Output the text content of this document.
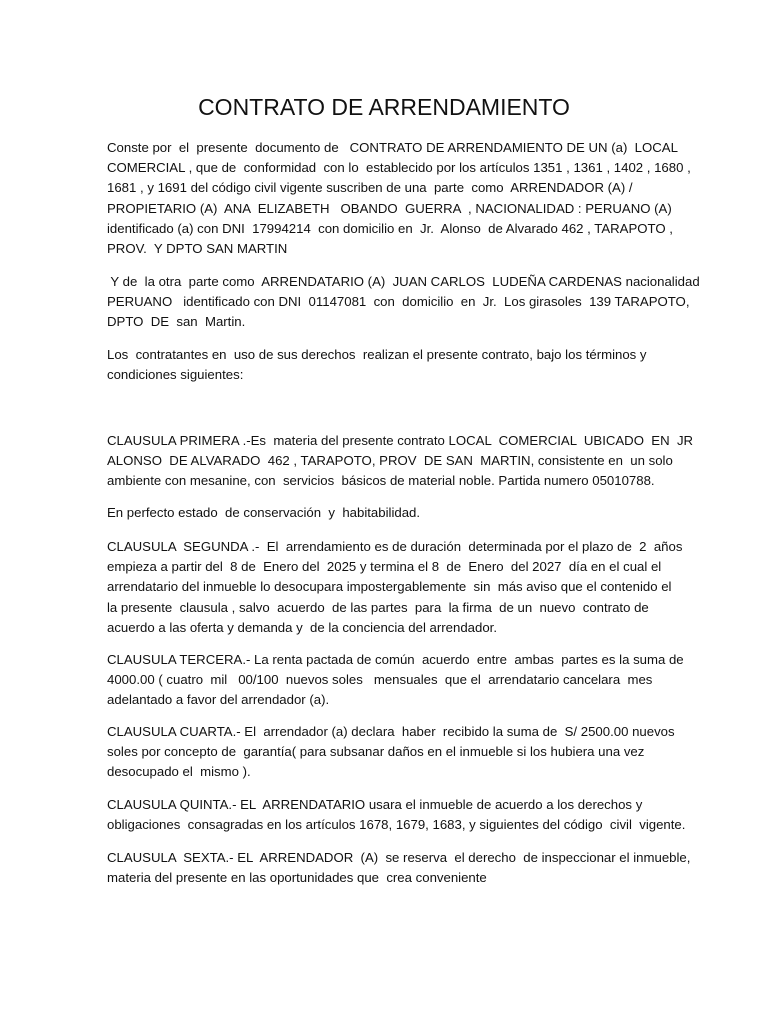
CONTRATO DE ARRENDAMIENTO

Conste por  el  presente  documento de   CONTRATO DE ARRENDAMIENTO DE UN (a)  LOCAL
COMERCIAL , que de  conformidad  con lo  establecido por los artículos 1351 , 1361 , 1402 , 1680 ,
1681 , y 1691 del código civil vigente suscriben de una  parte  como  ARRENDADOR (A) /
PROPIETARIO (A)  ANA  ELIZABETH   OBANDO  GUERRA  , NACIONALIDAD : PERUANO (A)
identificado (a) con DNI  17994214  con domicilio en  Jr.  Alonso  de Alvarado 462 , TARAPOTO ,
PROV.  Y DPTO SAN MARTIN

Y de  la otra  parte como  ARRENDATARIO (A)  JUAN CARLOS  LUDEÑA CARDENAS nacionalidad
PERUANO   identificado con DNI  01147081  con  domicilio  en  Jr.  Los girasoles  139 TARAPOTO,
DPTO  DE  san  Martin.

Los  contratantes en  uso de sus derechos  realizan el presente contrato, bajo los términos y
condiciones siguientes:

CLAUSULA PRIMERA .-Es  materia del presente contrato LOCAL  COMERCIAL  UBICADO  EN  JR
ALONSO  DE ALVARADO  462 , TARAPOTO, PROV  DE SAN  MARTIN, consistente en  un solo
ambiente con mesanine, con  servicios  básicos de material noble. Partida numero 05010788.

En perfecto estado  de conservación  y  habitabilidad.

CLAUSULA  SEGUNDA .-  El  arrendamiento es de duración  determinada por el plazo de  2  años
empieza a partir del  8 de  Enero del  2025 y termina el 8  de  Enero  del 2027  día en el cual el
arrendatario del inmueble lo desocupara impostergablemente  sin  más aviso que el contenido el
la presente  clausula , salvo  acuerdo  de las partes  para  la firma  de un  nuevo  contrato de
acuerdo a las oferta y demanda y  de la conciencia del arrendador.

CLAUSULA TERCERA.- La renta pactada de común  acuerdo  entre  ambas  partes es la suma de
4000.00 ( cuatro  mil   00/100  nuevos soles   mensuales  que el  arrendatario cancelara  mes
adelantado a favor del arrendador (a).

CLAUSULA CUARTA.- El  arrendador (a) declara  haber  recibido la suma de  S/ 2500.00 nuevos
soles por concepto de  garantía( para subsanar daños en el inmueble si los hubiera una vez
desocupado el  mismo ).

CLAUSULA QUINTA.- EL  ARRENDATARIO usara el inmueble de acuerdo a los derechos y
obligaciones  consagradas en los artículos 1678, 1679, 1683, y siguientes del código  civil  vigente.

CLAUSULA  SEXTA.- EL  ARRENDADOR  (A)  se reserva  el derecho  de inspeccionar el inmueble,
materia del presente en las oportunidades que  crea conveniente
